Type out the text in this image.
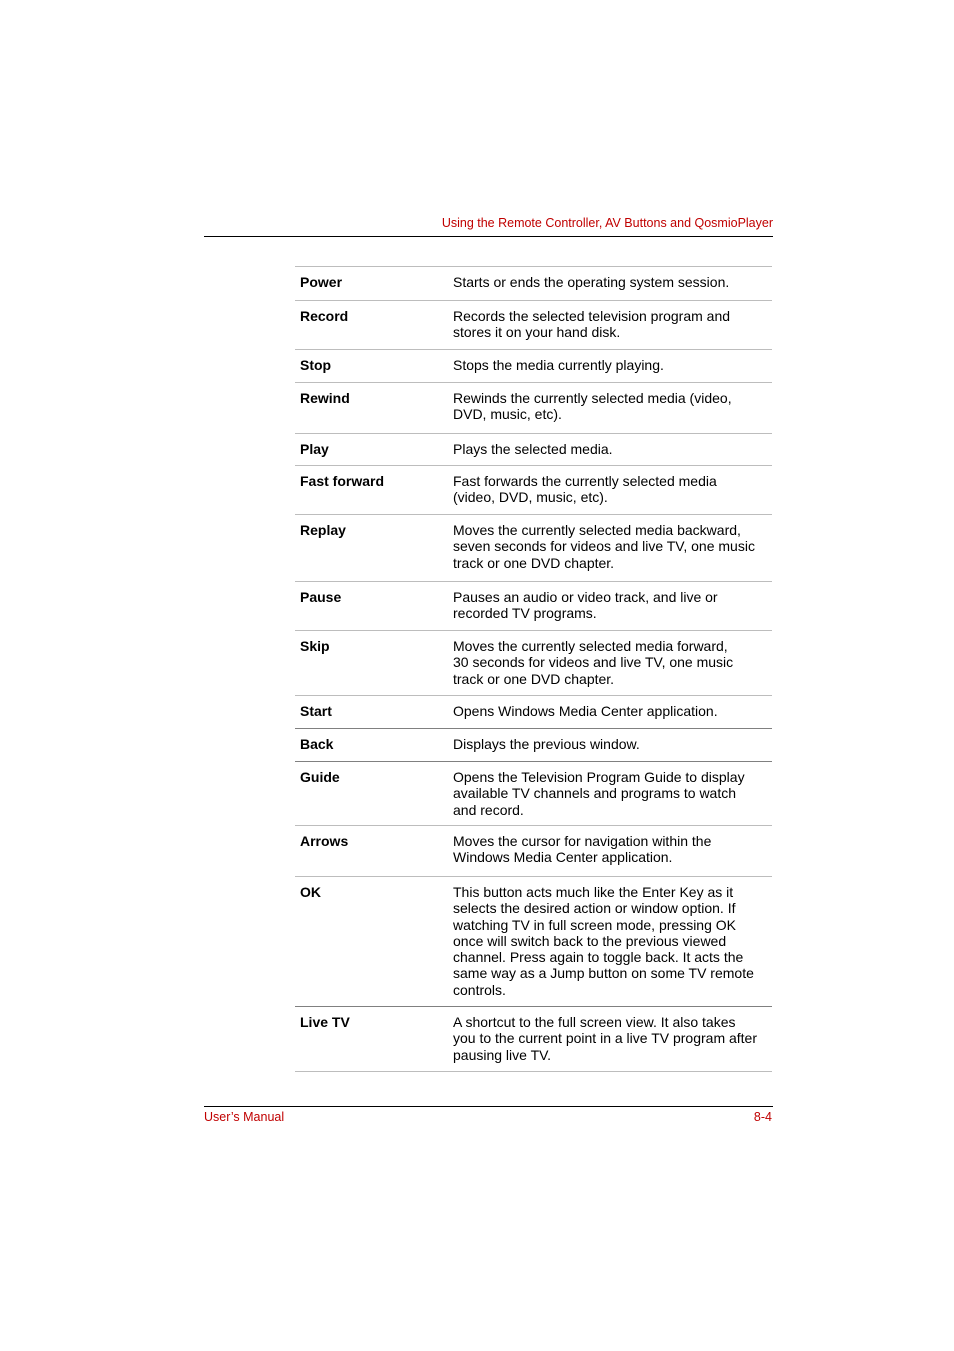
Using the Remote Controller, AV Buttons and QosmioPlayer
Power	Starts or ends the operating system session.
Record	Records the selected television program and
stores it on your hand disk.
Stop	Stops the media currently playing.
Rewind	Rewinds the currently selected media (video,
DVD, music, etc).
Play	Plays the selected media.
Fast forward	Fast forwards the currently selected media
(video, DVD, music, etc).
Replay	Moves the currently selected media backward,
seven seconds for videos and live TV, one music
track or one DVD chapter.
Pause	Pauses an audio or video track, and live or
recorded TV programs.
Skip	Moves the currently selected media forward,
30 seconds for videos and live TV, one music
track or one DVD chapter.
Start	Opens Windows Media Center application.
Back	Displays the previous window.
Guide	Opens the Television Program Guide to display
available TV channels and programs to watch
and record.
Arrows	Moves the cursor for navigation within the
Windows Media Center application.
OK	This button acts much like the Enter Key as it
selects the desired action or window option. If
watching TV in full screen mode, pressing OK
once will switch back to the previous viewed
channel. Press again to toggle back. It acts the
same way as a Jump button on some TV remote
controls.
Live TV	A shortcut to the full screen view. It also takes
you to the current point in a live TV program after
pausing live TV.
User’s Manual	8-4
